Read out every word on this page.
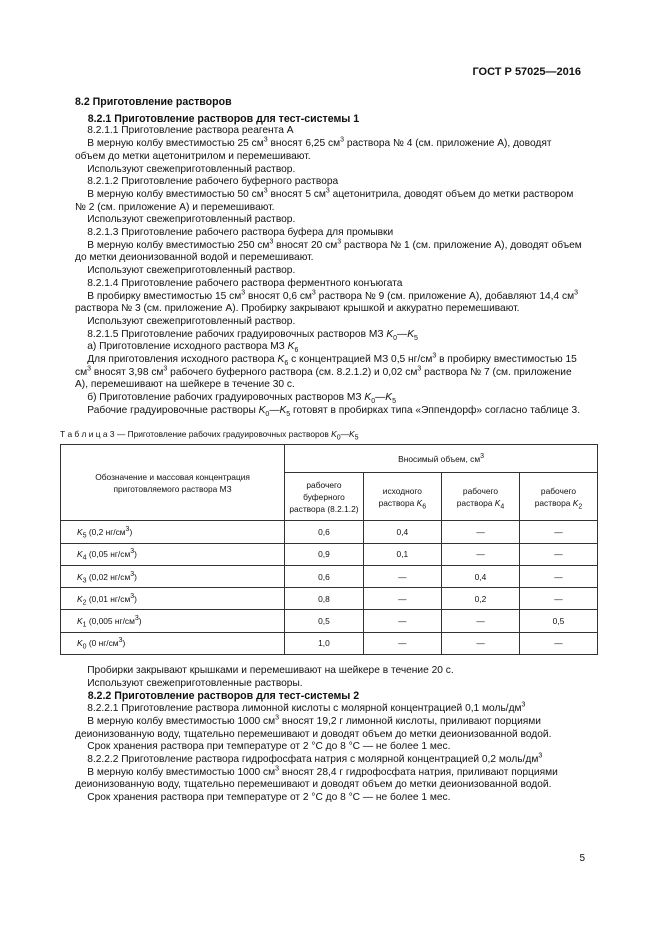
ГОСТ Р 57025—2016

8.2 Приготовление растворов

8.2.1 Приготовление растворов для тест-системы 1

8.2.1.1 Приготовление раствора реагента А

В мерную колбу вместимостью 25 $см^3$ вносят 6,25 $см^3$ раствора № 4 (см. приложение А), доводят объем до метки ацетонитрилом и перемешивают.

Используют свежеприготовленный раствор.

8.2.1.2 Приготовление рабочего буферного раствора

В мерную колбу вместимостью 50 $см^3$ вносят 5 $см^3$ ацетонитрила, доводят объем до метки раствором № 2 (см. приложение А) и перемешивают.

Используют свежеприготовленный раствор.

8.2.1.3 Приготовление рабочего раствора буфера для промывки

В мерную колбу вместимостью 250 $см^3$ вносят 20 $см^3$ раствора № 1 (см. приложение А), доводят объем до метки деионизованной водой и перемешивают.

Используют свежеприготовленный раствор.

8.2.1.4 Приготовление рабочего раствора ферментного конъюгата

В пробирку вместимостью 15 $см^3$ вносят 0,6 $см^3$ раствора № 9 (см. приложение А), добавляют 14,4 $см^3$ раствора № 3 (см. приложение А). Пробирку закрывают крышкой и аккуратно перемешивают.

Используют свежеприготовленный раствор.

8.2.1.5 Приготовление рабочих градуировочных растворов МЗ $K_0—K_5$

а) Приготовление исходного раствора МЗ $K_6$

Для приготовления исходного раствора $K_6$ с концентрацией МЗ 0,5 $нг/см^3$ в пробирку вместимостью 15 $см^3$ вносят 3,98 $см^3$ рабочего буферного раствора (см. 8.2.1.2) и 0,02 $см^3$ раствора № 7 (см. приложение А), перемешивают на шейкере в течение 30 с.

б) Приготовление рабочих градуировочных растворов МЗ $K_0—K_5$

Рабочие градуировочные растворы $K_0—K_5$ готовят в пробирках типа «Эппендорф» согласно таблице 3.

Т а б л и ц а 3 — Приготовление рабочих градуировочных растворов $K_0—K_5$

Обозначение и массовая концентрация приготовляемого раствора МЗ	Вносимый объем, $см^3$
	рабочего буферного раствора (8.2.1.2)	исходного раствора $K_6$	рабочего раствора $K_4$	рабочего раствора $K_2$
$K_5$ (0,2 $нг/см^3$)	0,6	0,4	—	—
$K_4$ (0,05 $нг/см^3$)	0,9	0,1	—	—
$K_3$ (0,02 $нг/см^3$)	0,6	—	0,4	—
$K_2$ (0,01 $нг/см^3$)	0,8	—	0,2	—
$K_1$ (0,005 $нг/см^3$)	0,5	—	—	0,5
$K_0$ (0 $нг/см^3$)	1,0	—	—	—

Пробирки закрывают крышками и перемешивают на шейкере в течение 20 с.

Используют свежеприготовленные растворы.

8.2.2 Приготовление растворов для тест-системы 2

8.2.2.1 Приготовление раствора лимонной кислоты с молярной концентрацией 0,1 моль/$дм^3$

В мерную колбу вместимостью 1000 $см^3$ вносят 19,2 г лимонной кислоты, приливают порциями деионизованную воду, тщательно перемешивают и доводят объем до метки деионизованной водой.

Срок хранения раствора при температуре от 2 °С до 8 °С — не более 1 мес.

8.2.2.2 Приготовление раствора гидрофосфата натрия с молярной концентрацией 0,2 моль/$дм^3$

В мерную колбу вместимостью 1000 $см^3$ вносят 28,4 г гидрофосфата натрия, приливают порциями деионизованную воду, тщательно перемешивают и доводят объем до метки деионизованной водой.

Срок хранения раствора при температуре от 2 °С до 8 °С — не более 1 мес.

5
